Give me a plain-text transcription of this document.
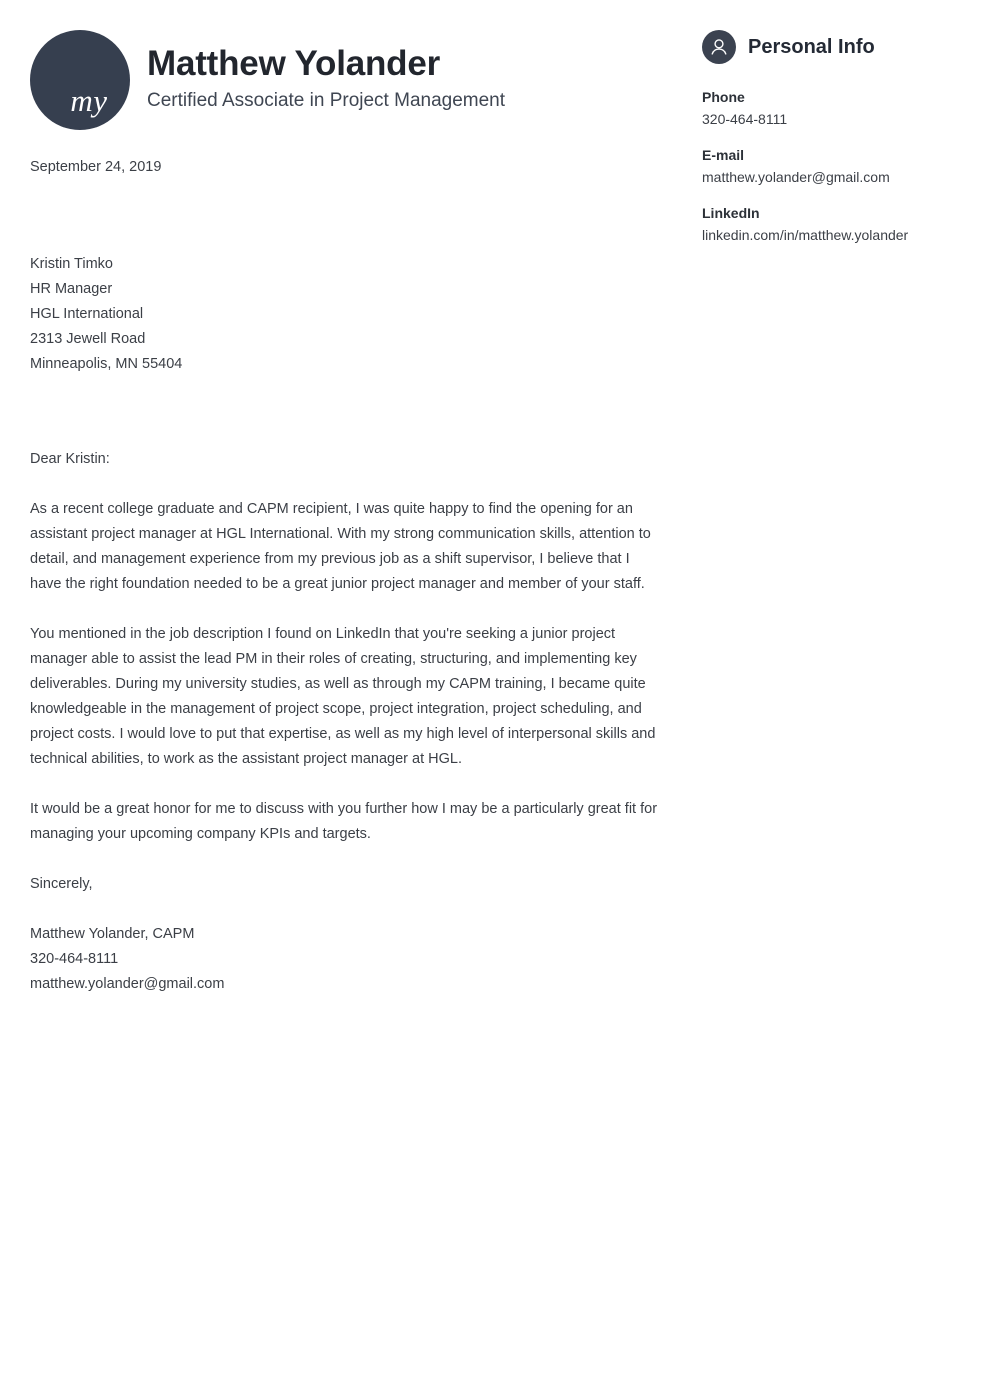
my
Matthew Yolander
Certified Associate in Project Management
September 24, 2019
Kristin Timko
HR Manager
HGL International
2313 Jewell Road
Minneapolis, MN 55404
Dear Kristin:

As a recent college graduate and CAPM recipient, I was quite happy to find the opening for an assistant project manager at HGL International. With my strong communication skills, attention to detail, and management experience from my previous job as a shift supervisor, I believe that I have the right foundation needed to be a great junior project manager and member of your staff.

You mentioned in the job description I found on LinkedIn that you're seeking a junior project manager able to assist the lead PM in their roles of creating, structuring, and implementing key deliverables. During my university studies, as well as through my CAPM training, I became quite knowledgeable in the management of project scope, project integration, project scheduling, and project costs. I would love to put that expertise, as well as my high level of interpersonal skills and technical abilities, to work as the assistant project manager at HGL.

It would be a great honor for me to discuss with you further how I may be a particularly great fit for managing your upcoming company KPIs and targets.

Sincerely,
Matthew Yolander, CAPM
320-464-8111
matthew.yolander@gmail.com
Personal Info
Phone
320-464-8111
E-mail
matthew.yolander@gmail.com
LinkedIn
linkedin.com/in/matthew.yolander
